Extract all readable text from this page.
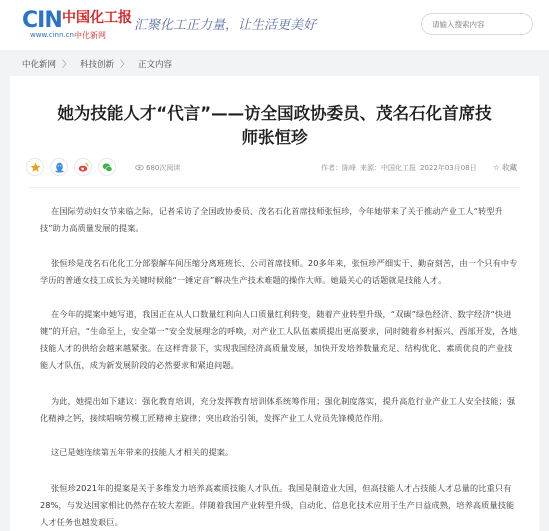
CIN 中国化工报
www.cinn.cn 中化新网
汇聚化工正力量，让生活更美好
请输入搜索内容
中化新网 〉 科技创新 〉 正文内容
她为技能人才“代言”——访全国政协委员、茂名石化首席技师张恒珍
680次阅读	作者：陈峰 来源：中国化工报 2022年03月08日 ☆ 收藏

在国际劳动妇女节来临之际，记者采访了全国政协委员、茂名石化首席技师张恒珍，今年她带来了关于推动产业工人“转型升技”助力高质量发展的提案。

张恒珍是茂名石化化工分部裂解车间压缩分离班班长、公司首席技师。20多年来，张恒珍严细实干、勤奋刻苦，由一个只有中专学历的普通女技工成长为关键时候能“一锤定音”解决生产技术难题的操作大师。她最关心的话题就是技能人才。

在今年的提案中她写道，我国正在从人口数量红利向人口质量红利转变，随着产业转型升级，“双碳”绿色经济、数字经济“快进键”的开启，“生命至上，安全第一”安全发展理念的呼唤，对产业工人队伍素质提出更高要求，同时随着乡村振兴、西部开发，各地技能人才的供给会越来越紧张。在这样背景下，实现我国经济高质量发展，加快开发培养数量充足、结构优化、素质优良的产业技能人才队伍，成为新发展阶段的必然要求和紧迫问题。

为此，她提出如下建议：强化教育培训，充分发挥教育培训体系统筹作用；强化制度落实，提升高危行业产业工人安全技能；强化精神之钙，接续唱响劳模工匠精神主旋律；突出政治引领，发挥产业工人党员先锋模范作用。

这已是她连续第五年带来的技能人才相关的提案。

张恒珍2021年的提案是关于多维发力培养高素质技能人才队伍。我国是制造业大国，但高技能人才占技能人才总量的比重只有28%，与发达国家相比仍然存在较大差距。伴随着我国产业转型升级，自动化、信息化技术应用于生产日益成熟，培养高质量技能人才任务也越发艰巨。
